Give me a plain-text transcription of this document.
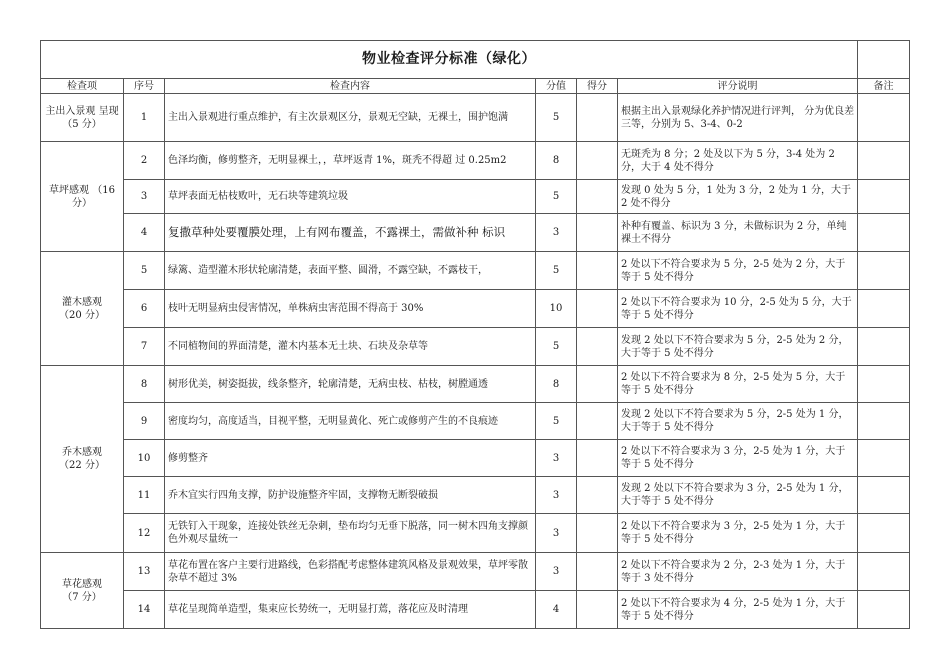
物业检查评分标准（绿化）						
检查项	序号	检查内容	分值	得分	评分说明	备注
主出入景观 呈现
（5 分）	1	主出入景观进行重点维护，有主次景观区分，景观无空缺，无裸土，围护饱满	5		根据主出入景观绿化养护情况进行评判， 分为优良差三等，分别为 5、3-4、0-2	
草坪感观 （16 分）	2	色泽均衡，修剪整齐，无明显裸土，，草坪返青 1%，斑秃不得超 过 0.25m2	8		无斑秃为 8 分；2 处及以下为 5 分，3-4 处为 2 分，大于 4 处不得分	
	3	草坪表面无枯枝败叶，无石块等建筑垃圾	5		发现 0 处为 5 分，1 处为 3 分，2 处为 1 分，大于 2 处不得分	
	4	复撒草种处要覆膜处理，上有网布覆盖，不露裸土，需做补种 标识	3		补种有覆盖、标识为 3 分，未做标识为 2 分，单纯裸土不得分	
灌木感观
（20 分）	5	绿篱、造型灌木形状轮廓清楚，表面平整、圆滑，不露空缺，不露枝干，	5		2 处以下不符合要求为 5 分，2-5 处为 2 分，大于等于 5 处不得分	
	6	枝叶无明显病虫侵害情况，单株病虫害范围不得高于 30%	10		2 处以下不符合要求为 10 分，2-5 处为 5 分，大于等于 5 处不得分	
	7	不同植物间的界面清楚，灌木内基本无土块、石块及杂草等	5		发现 2 处以下不符合要求为 5 分，2-5 处为 2 分，大于等于 5 处不得分	
乔木感观
（22 分）	8	树形优美，树姿挺拔，线条整齐，轮廓清楚，无病虫枝、枯枝，树膛通透	8		2 处以下不符合要求为 8 分，2-5 处为 5 分，大于等于 5 处不得分	
	9	密度均匀，高度适当，目视平整，无明显黄化、死亡或修剪产生的不良痕迹	5		发现 2 处以下不符合要求为 5 分，2-5 处为 1 分，大于等于 5 处不得分	
	10	修剪整齐	3		2 处以下不符合要求为 3 分，2-5 处为 1 分，大于等于 5 处不得分	
	11	乔木宜实行四角支撑，防护设施整齐牢固，支撑物无断裂破损	3		发现 2 处以下不符合要求为 3 分，2-5 处为 1 分，大于等于 5 处不得分	
	12	无铁钉入干现象，连接处铁丝无杂刺，垫布均匀无垂下脱落，同一树木四角支撑颜色外观尽量统一	3		2 处以下不符合要求为 3 分，2-5 处为 1 分，大于等于 5 处不得分	
草花感观
（7 分）	13	草花布置在客户主要行进路线，色彩搭配考虑整体建筑风格及景观效果，草坪零散杂草不超过 3%	3		2 处以下不符合要求为 2 分，2-3 处为 1 分，大于等于 3 处不得分	
	14	草花呈现简单造型，集束应长势统一，无明显打蔫，落花应及时清理	4		2 处以下不符合要求为 4 分，2-5 处为 1 分，大于等于 5 处不得分	
